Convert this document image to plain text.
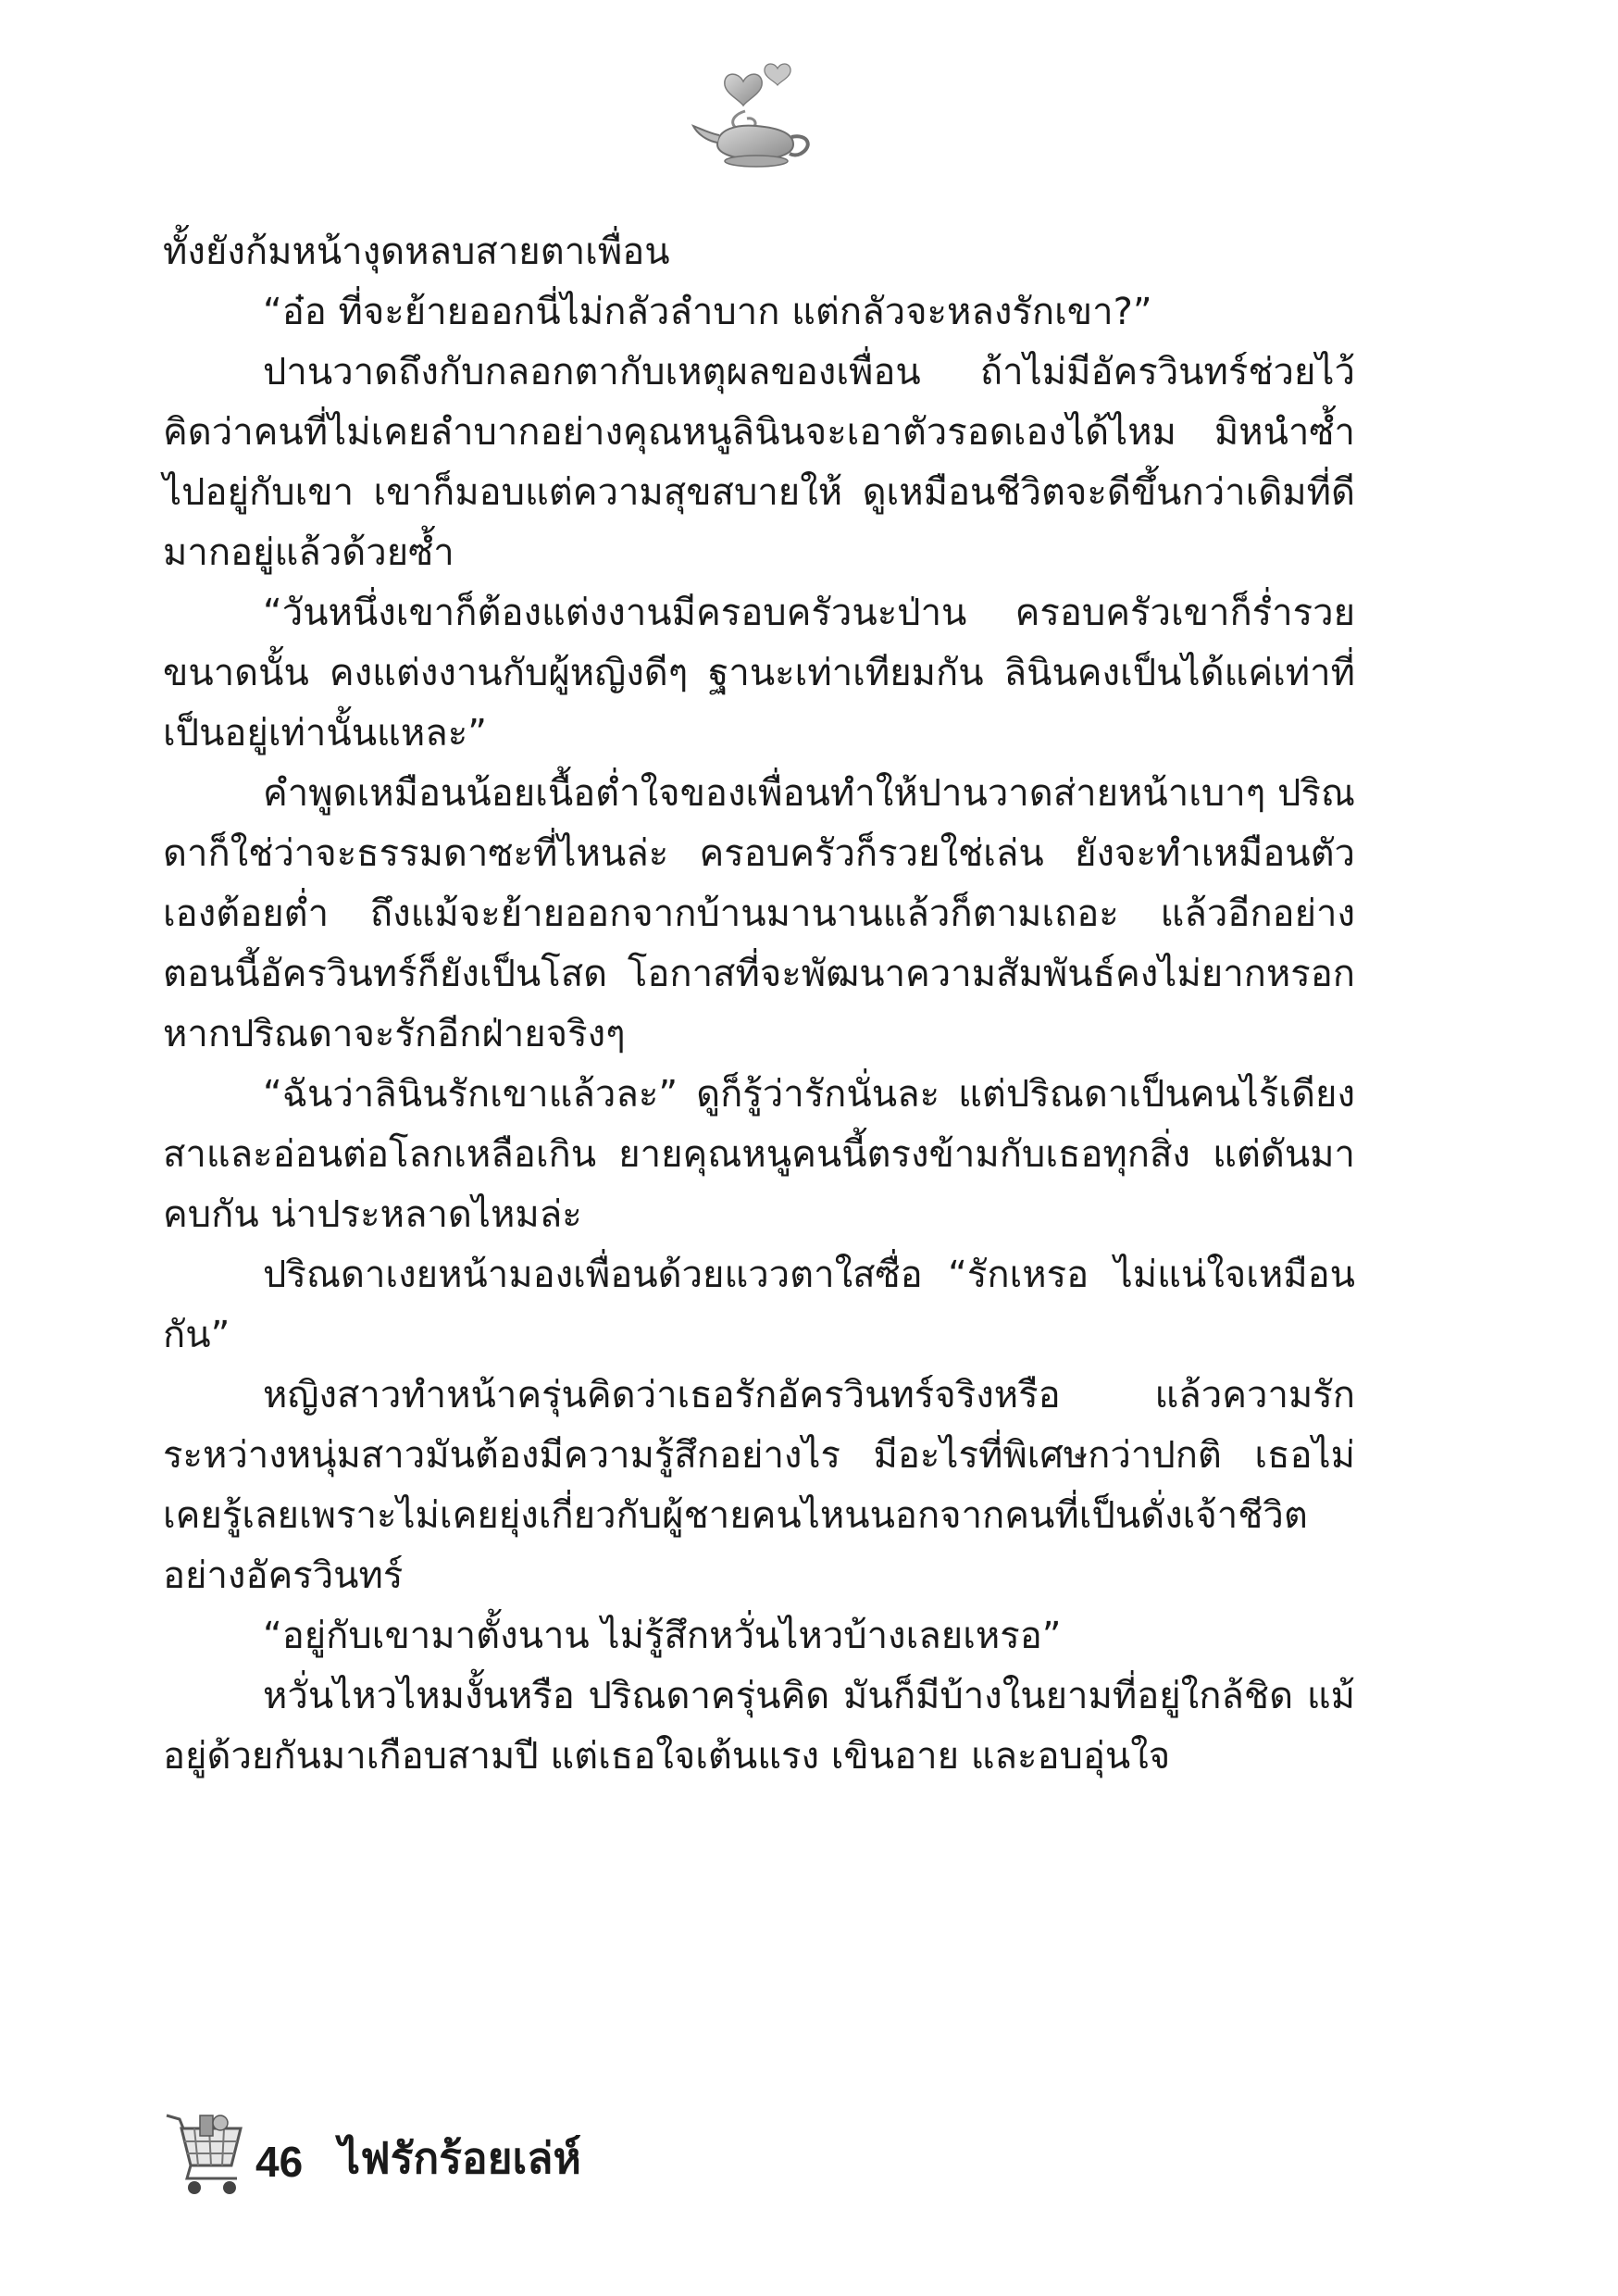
ทั้งยังก้มหน้างุดหลบสายตาเพื่อน

“อ๋อ ที่จะย้ายออกนี่ไม่กลัวลำบาก แต่กลัวจะหลงรักเขา?”

ปานวาดถึงกับกลอกตากับเหตุผลของเพื่อน ถ้าไม่มีอัครวินทร์ช่วยไว้ คิดว่าคนที่ไม่เคยลำบากอย่างคุณหนูลินินจะเอาตัวรอดเองได้ไหม มิหนำซ้ำไปอยู่กับเขา เขาก็มอบแต่ความสุขสบายให้ ดูเหมือนชีวิตจะดีขึ้นกว่าเดิมที่ดีมากอยู่แล้วด้วยซ้ำ

“วันหนึ่งเขาก็ต้องแต่งงานมีครอบครัวนะป่าน ครอบครัวเขาก็ร่ำรวยขนาดนั้น คงแต่งงานกับผู้หญิงดีๆ ฐานะเท่าเทียมกัน ลินินคงเป็นได้แค่เท่าที่เป็นอยู่เท่านั้นแหละ”

คำพูดเหมือนน้อยเนื้อต่ำใจของเพื่อนทำให้ปานวาดส่ายหน้าเบาๆ ปริณดาก็ใช่ว่าจะธรรมดาซะที่ไหนล่ะ ครอบครัวก็รวยใช่เล่น ยังจะทำเหมือนตัวเองต้อยต่ำ ถึงแม้จะย้ายออกจากบ้านมานานแล้วก็ตามเถอะ แล้วอีกอย่างตอนนี้อัครวินทร์ก็ยังเป็นโสด โอกาสที่จะพัฒนาความสัมพันธ์คงไม่ยากหรอก หากปริณดาจะรักอีกฝ่ายจริงๆ

“ฉันว่าลินินรักเขาแล้วละ” ดูก็รู้ว่ารักนั่นละ แต่ปริณดาเป็นคนไร้เดียงสาและอ่อนต่อโลกเหลือเกิน ยายคุณหนูคนนี้ตรงข้ามกับเธอทุกสิ่ง แต่ดันมาคบกัน น่าประหลาดไหมล่ะ

ปริณดาเงยหน้ามองเพื่อนด้วยแววตาใสซื่อ “รักเหรอ ไม่แน่ใจเหมือนกัน”

หญิงสาวทำหน้าครุ่นคิดว่าเธอรักอัครวินทร์จริงหรือ แล้วความรักระหว่างหนุ่มสาวมันต้องมีความรู้สึกอย่างไร มีอะไรที่พิเศษกว่าปกติ เธอไม่เคยรู้เลยเพราะไม่เคยยุ่งเกี่ยวกับผู้ชายคนไหนนอกจากคนที่เป็นดั่งเจ้าชีวิตอย่างอัครวินทร์

“อยู่กับเขามาตั้งนาน ไม่รู้สึกหวั่นไหวบ้างเลยเหรอ”

หวั่นไหวไหมงั้นหรือ ปริณดาครุ่นคิด มันก็มีบ้างในยามที่อยู่ใกล้ชิด แม้อยู่ด้วยกันมาเกือบสามปี แต่เธอใจเต้นแรง เขินอาย และอบอุ่นใจ

46 ไฟรักร้อยเล่ห์
